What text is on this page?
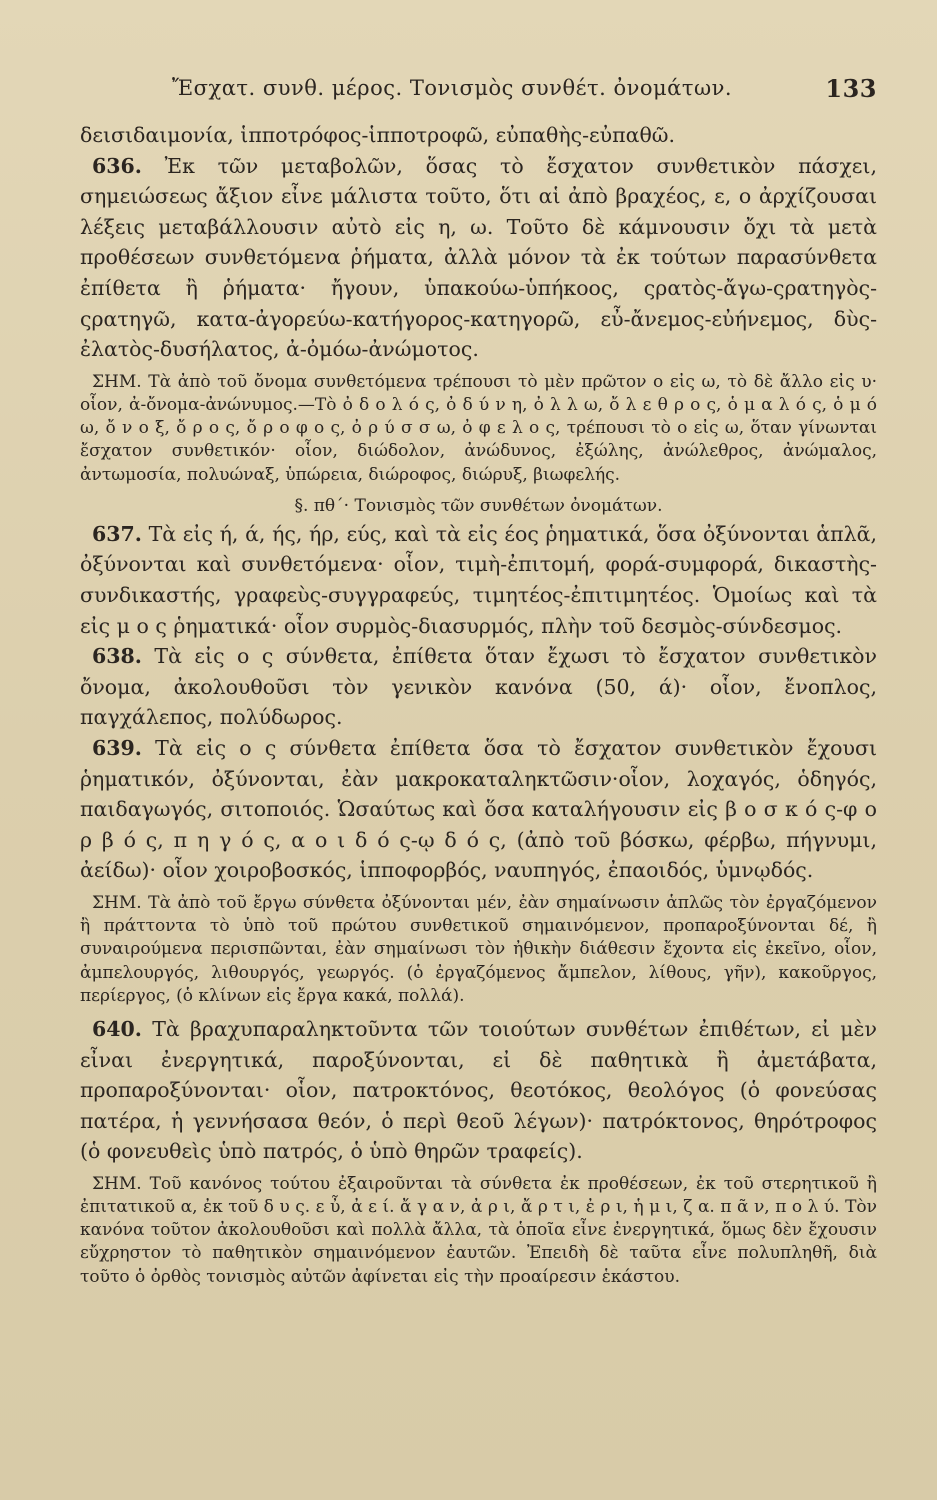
Ἔσχατ. συνθ. μέρος. Τονισμὸς συνθέτ. ὀνομάτων.	133

δεισιδαιμονία, ἱπποτρόφος-ἱπποτροφῶ, εὐπαθὴς-εὐπαθῶ.

636. Ἐκ τῶν μεταβολῶν, ὅσας τὸ ἔσχατον συνθετικὸν πάσχει, σημειώσεως ἄξιον εἶνε μάλιστα τοῦτο, ὅτι αἱ ἀπὸ βραχέος, ε, ο ἀρχίζουσαι λέξεις μεταβάλλουσιν αὐτὸ εἰς η, ω. Τοῦτο δὲ κάμνουσιν ὄχι τὰ μετὰ προθέσεων συνθετόμενα ῥήματα, ἀλλὰ μόνον τὰ ἐκ τούτων παρασύνθετα ἐπίθετα ἢ ῥήματα· ἤγουν, ὑπακούω-ὑπήκοος, ςρατὸς-ἄγω-ςρατηγὸς-ςρατηγῶ, κατα-ἀγορεύω-κατήγορος-κατηγορῶ, εὖ-ἄνεμος-εὐήνεμος, δὺς-ἐλατὸς-δυσήλατος, ἀ-ὀμόω-ἀνώμοτος.

ΣΗΜ. Τὰ ἀπὸ τοῦ ὄνομα συνθετόμενα τρέπουσι τὸ μὲν πρῶτον ο εἰς ω, τὸ δὲ ἄλλο εἰς υ· οἷον, ἀ-ὄνομα-ἀνώνυμος.—Τὸ ὀ δ ο λ ό ς, ὀ δ ύ ν η, ὀ λ λ ω, ὄ λ ε θ ρ ο ς, ὁ μ α λ ό ς, ὁ μ ό ω, ὄ ν ο ξ, ὄ ρ ο ς, ὄ ρ ο φ ο ς, ὀ ρ ύ σ σ ω, ὀ φ ε λ ο ς, τρέπουσι τὸ ο εἰς ω, ὅταν γίνωνται ἔσχατον συνθετικόν· οἷον, διώδολον, ἀνώδυνος, ἐξώλης, ἀνώλεθρος, ἀνώμαλος, ἀντωμοσία, πολυώναξ, ὑπώρεια, διώροφος, διώρυξ, βιωφελής.

§. πθ΄· Τονισμὸς τῶν συνθέτων ὀνομάτων.

637. Τὰ εἰς ή, ά, ής, ήρ, εύς, καὶ τὰ εἰς έος ῥηματικά, ὅσα ὀξύνονται ἁπλᾶ, ὀξύνονται καὶ συνθετόμενα· οἷον, τιμὴ-ἐπιτομή, φορά-συμφορά, δικαστὴς-συνδικαστής, γραφεὺς-συγγραφεύς, τιμητέος-ἐπιτιμητέος. Ὁμοίως καὶ τὰ εἰς μ ο ς ῥηματικά· οἷον συρμὸς-διασυρμός, πλὴν τοῦ δεσμὸς-σύνδεσμος.

638. Τὰ εἰς ο ς σύνθετα, ἐπίθετα ὅταν ἔχωσι τὸ ἔσχατον συνθετικὸν ὄνομα, ἀκολουθοῦσι τὸν γενικὸν κανόνα (50, ά)· οἷον, ἔνοπλος, παγχάλεπος, πολύδωρος.

639. Τὰ εἰς ο ς σύνθετα ἐπίθετα ὅσα τὸ ἔσχατον συνθετικὸν ἔχουσι ῥηματικόν, ὀξύνονται, ἐὰν μακροκαταληκτῶσιν·οἷον, λοχαγός, ὁδηγός, παιδαγωγός, σιτοποιός. Ὡσαύτως καὶ ὅσα καταλήγουσιν εἰς β ο σ κ ό ς-φ ο ρ β ό ς, π η γ ό ς, α ο ι δ ό ς-ῳ δ ό ς, (ἀπὸ τοῦ βόσκω, φέρβω, πήγνυμι, ἀείδω)· οἷον χοιροβοσκός, ἱπποφορβός, ναυπηγός, ἐπαοιδός, ὑμνῳδός.

ΣΗΜ. Τὰ ἀπὸ τοῦ ἔργω σύνθετα ὀξύνονται μέν, ἐὰν σημαίνωσιν ἁπλῶς τὸν ἐργαζόμενον ἢ πράττοντα τὸ ὑπὸ τοῦ πρώτου συνθετικοῦ σημαινόμενον, προπαροξύνονται δέ, ἢ συναιρούμενα περισπῶνται, ἐὰν σημαίνωσι τὸν ἠθικὴν διάθεσιν ἔχοντα εἰς ἐκεῖνο, οἷον, ἀμπελουργός, λιθουργός, γεωργός. (ὁ ἐργαζόμενος ἄμπελον, λίθους, γῆν), κακοῦργος, περίεργος, (ὁ κλίνων εἰς ἔργα κακά, πολλά).

640. Τὰ βραχυπαραληκτοῦντα τῶν τοιούτων συνθέτων ἐπιθέτων, εἰ μὲν εἶναι ἐνεργητικά, παροξύνονται, εἰ δὲ παθητικὰ ἢ ἀμετάβατα, προπαροξύνονται· οἷον, πατροκτόνος, θεοτόκος, θεολόγος (ὁ φονεύσας πατέρα, ἡ γεννήσασα θεόν, ὁ περὶ θεοῦ λέγων)· πατρόκτονος, θηρότροφος (ὁ φονευθεὶς ὑπὸ πατρός, ὁ ὑπὸ θηρῶν τραφείς).

ΣΗΜ. Τοῦ κανόνος τούτου ἐξαιροῦνται τὰ σύνθετα ἐκ προθέσεων, ἐκ τοῦ στερητικοῦ ἢ ἐπιτατικοῦ α, ἐκ τοῦ δ υ ς. ε ὖ, ἀ ε ί. ἄ γ α ν, ἀ ρ ι, ἄ ρ τ ι, ἐ ρ ι, ἡ μ ι, ζ α. π ᾶ ν, π ο λ ύ. Τὸν κανόνα τοῦτον ἀκολουθοῦσι καὶ πολλὰ ἄλλα, τὰ ὁποῖα εἶνε ἐνεργητικά, ὅμως δὲν ἔχουσιν εὔχρηστον τὸ παθητικὸν σημαινόμενον ἑαυτῶν. Ἐπειδὴ δὲ ταῦτα εἶνε πολυπληθῆ, διὰ τοῦτο ὁ ὀρθὸς τονισμὸς αὐτῶν ἀφίνεται εἰς τὴν προαίρεσιν ἑκάστου.
